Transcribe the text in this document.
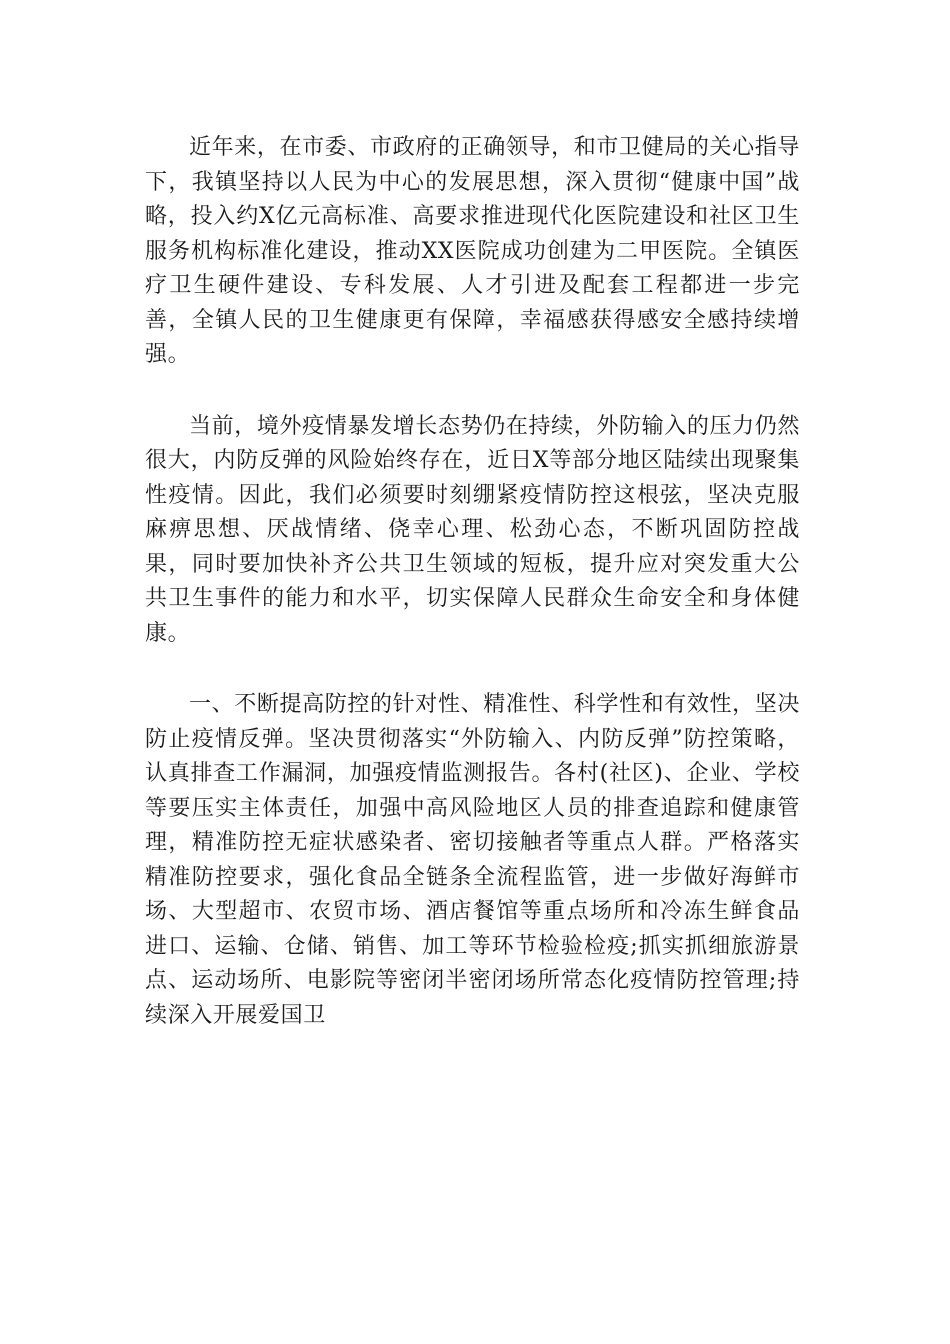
近年来，在市委、市政府的正确领导，和市卫健局的关心指导下，我镇坚持以人民为中心的发展思想，深入贯彻“健康中国”战略，投入约X亿元高标准、高要求推进现代化医院建设和社区卫生服务机构标准化建设，推动XX医院成功创建为二甲医院。全镇医疗卫生硬件建设、专科发展、人才引进及配套工程都进一步完善，全镇人民的卫生健康更有保障，幸福感获得感安全感持续增强。

当前，境外疫情暴发增长态势仍在持续，外防输入的压力仍然很大，内防反弹的风险始终存在，近日X等部分地区陆续出现聚集性疫情。因此，我们必须要时刻绷紧疫情防控这根弦，坚决克服麻痹思想、厌战情绪、侥幸心理、松劲心态，不断巩固防控战果，同时要加快补齐公共卫生领域的短板，提升应对突发重大公共卫生事件的能力和水平，切实保障人民群众生命安全和身体健康。

一、不断提高防控的针对性、精准性、科学性和有效性，坚决防止疫情反弹。坚决贯彻落实“外防输入、内防反弹”防控策略，认真排查工作漏洞，加强疫情监测报告。各村(社区)、企业、学校等要压实主体责任，加强中高风险地区人员的排查追踪和健康管理，精准防控无症状感染者、密切接触者等重点人群。严格落实精准防控要求，强化食品全链条全流程监管，进一步做好海鲜市场、大型超市、农贸市场、酒店餐馆等重点场所和冷冻生鲜食品进口、运输、仓储、销售、加工等环节检验检疫;抓实抓细旅游景点、运动场所、电影院等密闭半密闭场所常态化疫情防控管理;持续深入开展爱国卫
